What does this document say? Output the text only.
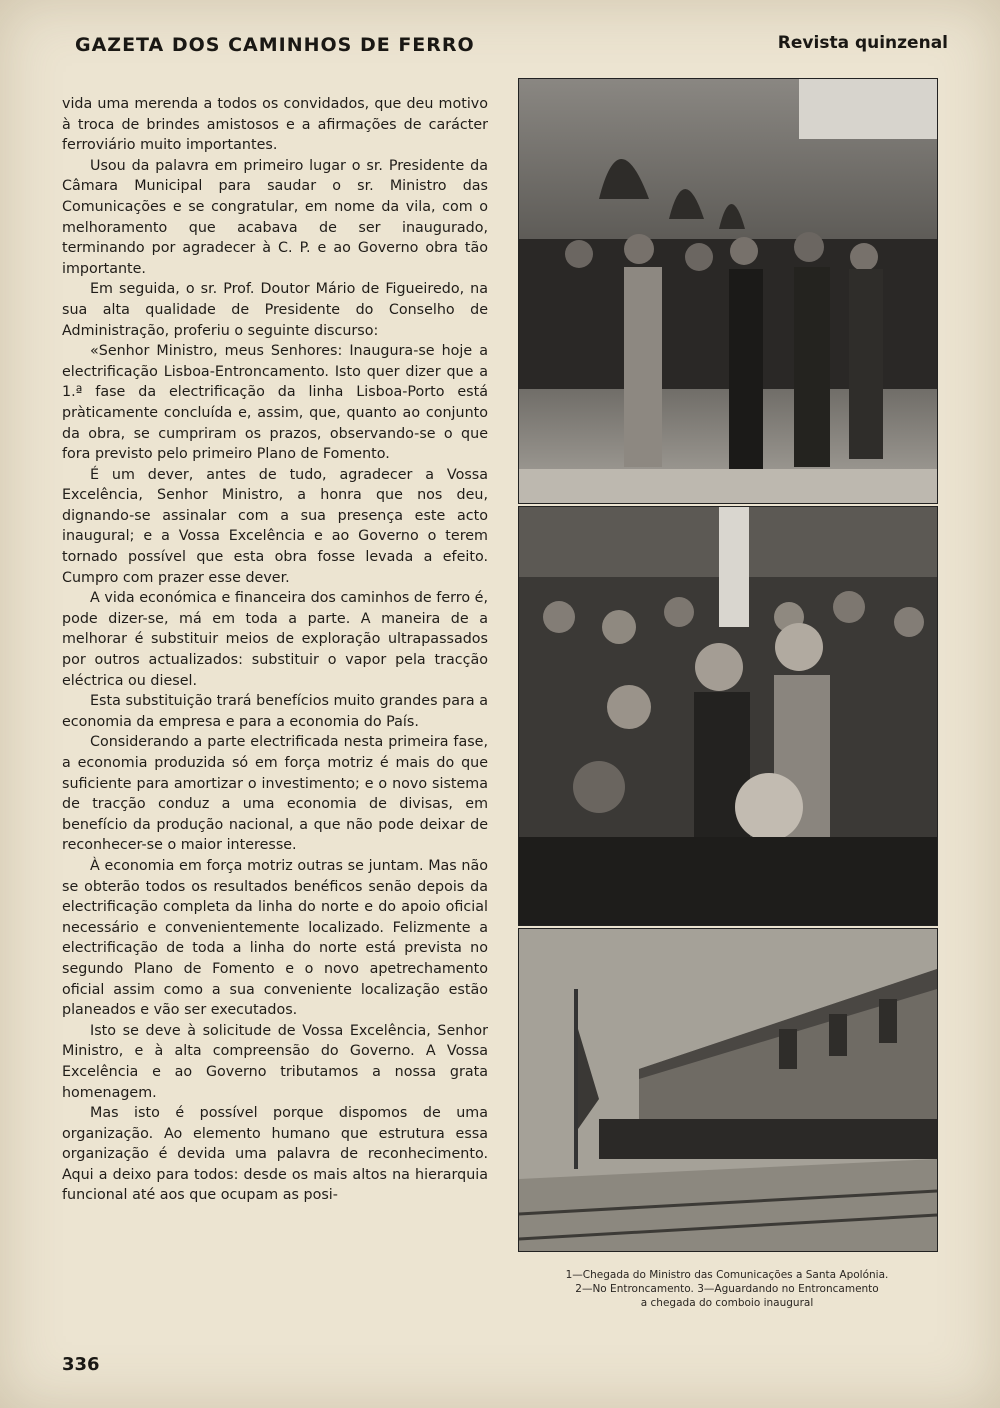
GAZETA DOS CAMINHOS DE FERRO	Revista quinzenal

vida uma merenda a todos os convidados, que deu motivo à troca de brindes amistosos e a afirmações de carácter ferroviário muito importantes.

Usou da palavra em primeiro lugar o sr. Presidente da Câmara Municipal para saudar o sr. Ministro das Comunicações e se congratular, em nome da vila, com o melhoramento que acabava de ser inaugurado, terminando por agradecer à C. P. e ao Governo obra tão importante.

Em seguida, o sr. Prof. Doutor Mário de Figueiredo, na sua alta qualidade de Presidente do Conselho de Administração, proferiu o seguinte discurso:

«Senhor Ministro, meus Senhores: Inaugura-se hoje a electrificação Lisboa-Entroncamento. Isto quer dizer que a 1.ª fase da electrificação da linha Lisboa-Porto está pràticamente concluída e, assim, que, quanto ao conjunto da obra, se cumpriram os prazos, observando-se o que fora previsto pelo primeiro Plano de Fomento.

É um dever, antes de tudo, agradecer a Vossa Excelência, Senhor Ministro, a honra que nos deu, dignando-se assinalar com a sua presença este acto inaugural; e a Vossa Excelência e ao Governo o terem tornado possível que esta obra fosse levada a efeito. Cumpro com prazer esse dever.

A vida económica e financeira dos caminhos de ferro é, pode dizer-se, má em toda a parte. A maneira de a melhorar é substituir meios de exploração ultrapassados por outros actualizados: substituir o vapor pela tracção eléctrica ou diesel.

Esta substituição trará benefícios muito grandes para a economia da empresa e para a economia do País.

Considerando a parte electrificada nesta primeira fase, a economia produzida só em força motriz é mais do que suficiente para amortizar o investimento; e o novo sistema de tracção conduz a uma economia de divisas, em benefício da produção nacional, a que não pode deixar de reconhecer-se o maior interesse.

À economia em força motriz outras se juntam. Mas não se obterão todos os resultados benéficos senão depois da electrificação completa da linha do norte e do apoio oficial necessário e convenientemente localizado. Felizmente a electrificação de toda a linha do norte está prevista no segundo Plano de Fomento e o novo apetrechamento oficial assim como a sua conveniente localização estão planeados e vão ser executados.

Isto se deve à solicitude de Vossa Excelência, Senhor Ministro, e à alta compreensão do Governo. A Vossa Excelência e ao Governo tributamos a nossa grata homenagem.

Mas isto é possível porque dispomos de uma organização. Ao elemento humano que estrutura essa organização é devida uma palavra de reconhecimento. Aqui a deixo para todos: desde os mais altos na hierarquia funcional até aos que ocupam as posi-

1—Chegada do Ministro das Comunicações a Santa Apolónia.
2—No Entroncamento. 3—Aguardando no Entroncamento
a chegada do comboio inaugural
336
